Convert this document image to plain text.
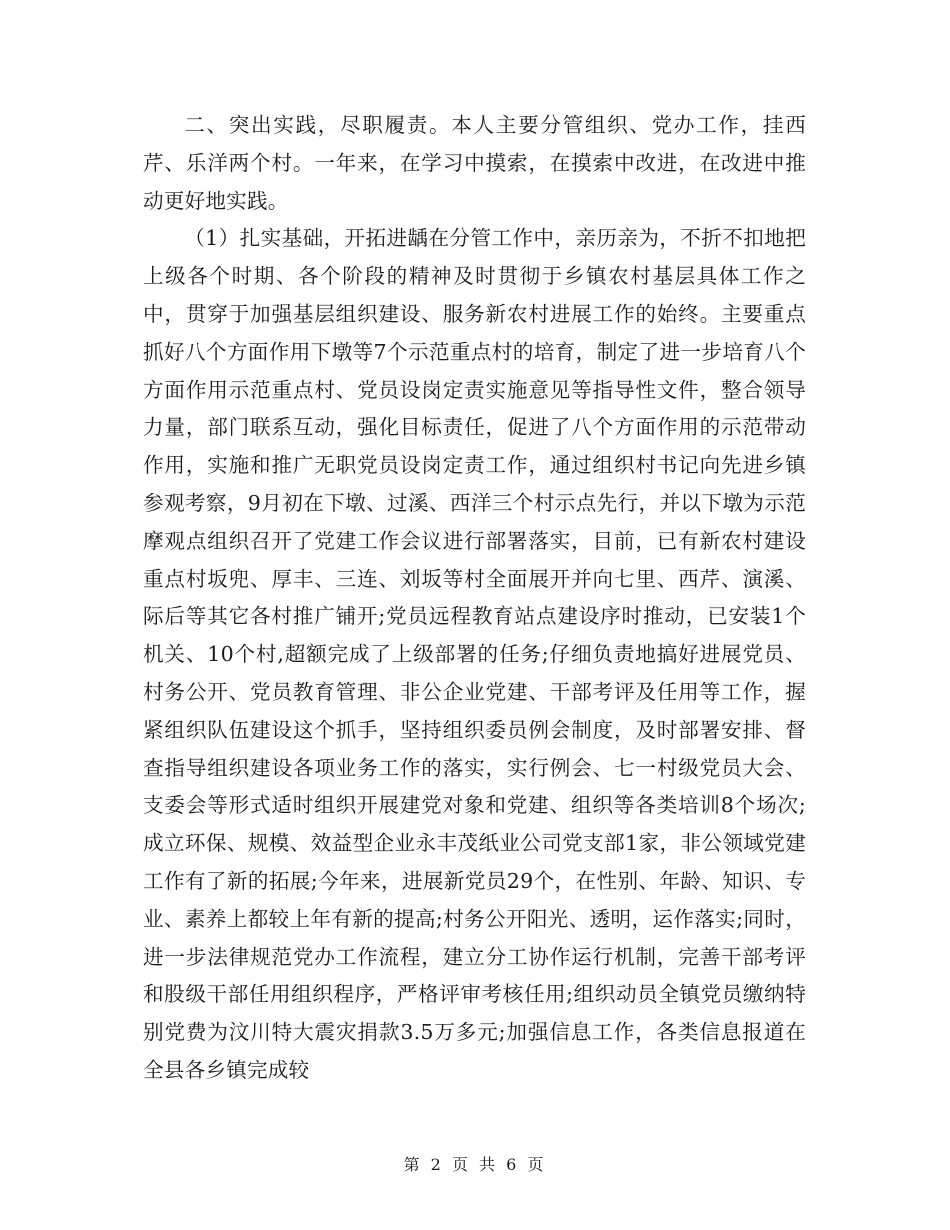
二、突出实践，尽职履责。本人主要分管组织、党办工作，挂西芹、乐洋两个村。一年来，在学习中摸索，在摸索中改进，在改进中推动更好地实践。

（1）扎实基础，开拓进龋在分管工作中，亲历亲为，不折不扣地把上级各个时期、各个阶段的精神及时贯彻于乡镇农村基层具体工作之中，贯穿于加强基层组织建设、服务新农村进展工作的始终。主要重点抓好八个方面作用下墩等7个示范重点村的培育，制定了进一步培育八个方面作用示范重点村、党员设岗定责实施意见等指导性文件，整合领导力量，部门联系互动，强化目标责任，促进了八个方面作用的示范带动作用，实施和推广无职党员设岗定责工作，通过组织村书记向先进乡镇参观考察，9月初在下墩、过溪、西洋三个村示点先行，并以下墩为示范摩观点组织召开了党建工作会议进行部署落实，目前，已有新农村建设重点村坂兜、厚丰、三连、刘坂等村全面展开并向七里、西芹、演溪、际后等其它各村推广铺开;党员远程教育站点建设序时推动，已安装1个机关、10个村,超额完成了上级部署的任务;仔细负责地搞好进展党员、村务公开、党员教育管理、非公企业党建、干部考评及任用等工作，握紧组织队伍建设这个抓手，坚持组织委员例会制度，及时部署安排、督查指导组织建设各项业务工作的落实，实行例会、七一村级党员大会、支委会等形式适时组织开展建党对象和党建、组织等各类培训8个场次;成立环保、规模、效益型企业永丰茂纸业公司党支部1家，非公领域党建工作有了新的拓展;今年来，进展新党员29个，在性别、年龄、知识、专业、素养上都较上年有新的提高;村务公开阳光、透明，运作落实;同时，进一步法律规范党办工作流程，建立分工协作运行机制，完善干部考评和股级干部任用组织程序，严格评审考核任用;组织动员全镇党员缴纳特别党费为汶川特大震灾捐款3.5万多元;加强信息工作，各类信息报道在全县各乡镇完成较

第 2 页 共 6 页
